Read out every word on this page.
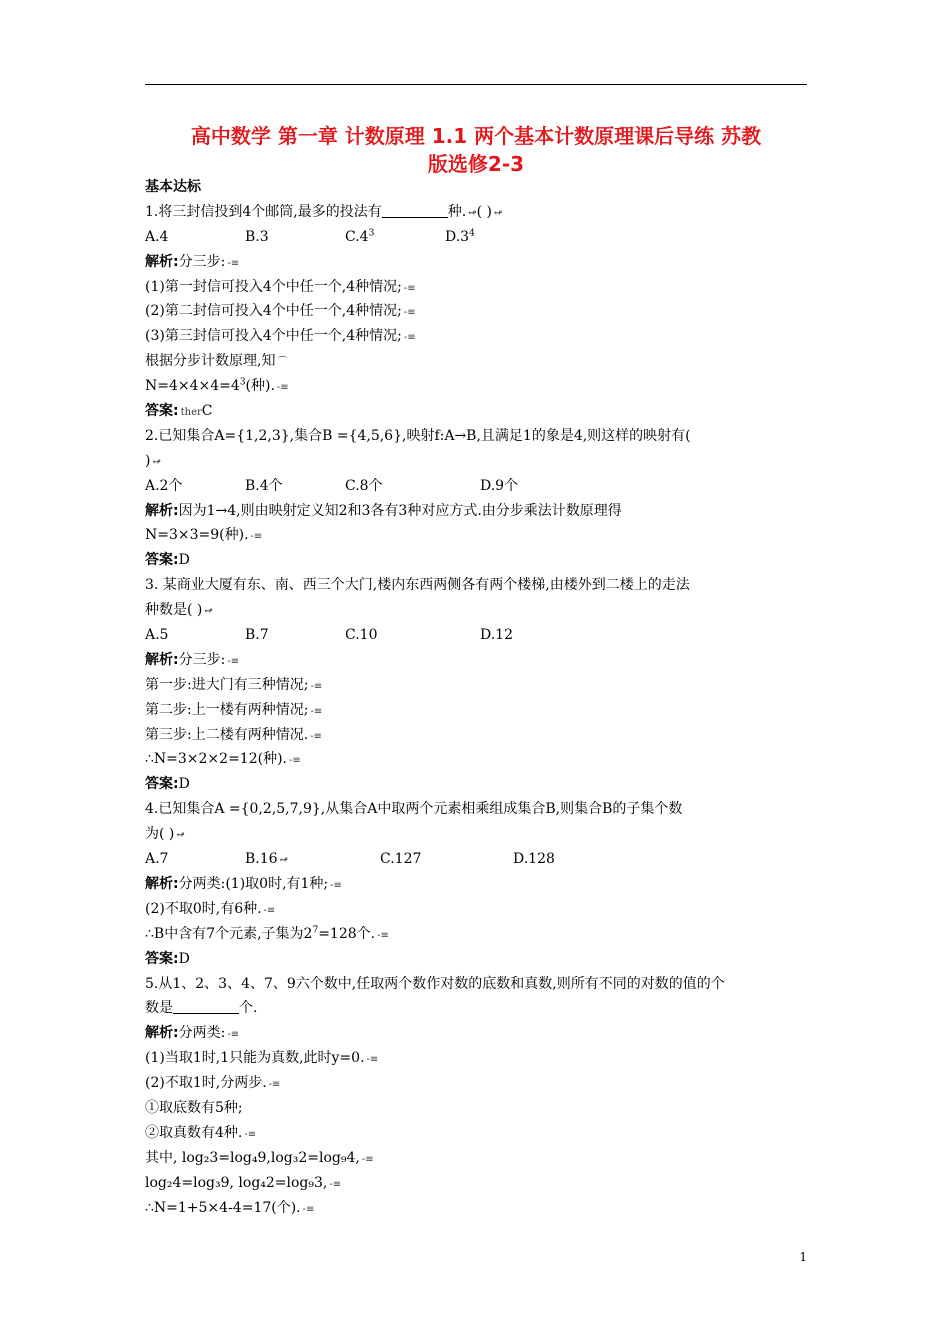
高中数学 第一章 计数原理 1.1 两个基本计数原理课后导练 苏教
版选修2-3
基本达标
1.将三封信投到4个邮筒,最多的投法有	种. ↫( ) ↫
A.4	B.3	$C.4^3$	$D.3^4$
解析:分三步: -≡
(1)第一封信可投入4个中任一个,4种情况; -≡
(2)第二封信可投入4个中任一个,4种情况; -≡
(3)第三封信可投入4个中任一个,4种情况; -≡
根据分步计数原理,知 ⌒
$N=4\times 4\times 4=4^3$(种). -≡
答案: therC
2.已知集合A={1,2,3},集合B ={4,5,6},映射f:A→B,且满足1的象是4,则这样的映射有(
) ↫
A.2个	B.4个	C.8个	D.9个
解析:因为1→4,则由映射定义知2和3各有3种对应方式.由分步乘法计数原理得
N=3×3=9(种). -≡
答案:D
3. 某商业大厦有东、南、西三个大门,楼内东西两侧各有两个楼梯,由楼外到二楼上的走法
种数是( ) ↫
A.5	B.7	C.10	D.12
解析:分三步: -≡
第一步:进大门有三种情况; -≡
第二步:上一楼有两种情况; -≡
第三步:上二楼有两种情况. -≡
∴N=3×2×2=12(种). -≡
答案:D
4.已知集合A ={0,2,5,7,9},从集合A中取两个元素相乘组成集合B,则集合B的子集个数
为( ) ↫
A.7	B.16 ↫	C.127	D.128
解析:分两类:(1)取0时,有1种; -≡
(2)不取0时,有6种. -≡
∴B中含有7个元素,子集为$2^7=128$个. -≡
答案:D
5.从1、2、3、4、7、9六个数中,任取两个数作对数的底数和真数,则所有不同的对数的值的个
数是	个.
解析:分两类: -≡
(1)当取1时,1只能为真数,此时y=0. -≡
(2)不取1时,分两步. -≡
①取底数有5种;
②取真数有4种. -≡
其中, log₂3=log₄9,log₃2=log₉4, -≡
log₂4=log₃9, log₄2=log₉3, -≡
∴N=1+5×4-4=17(个). -≡
1
